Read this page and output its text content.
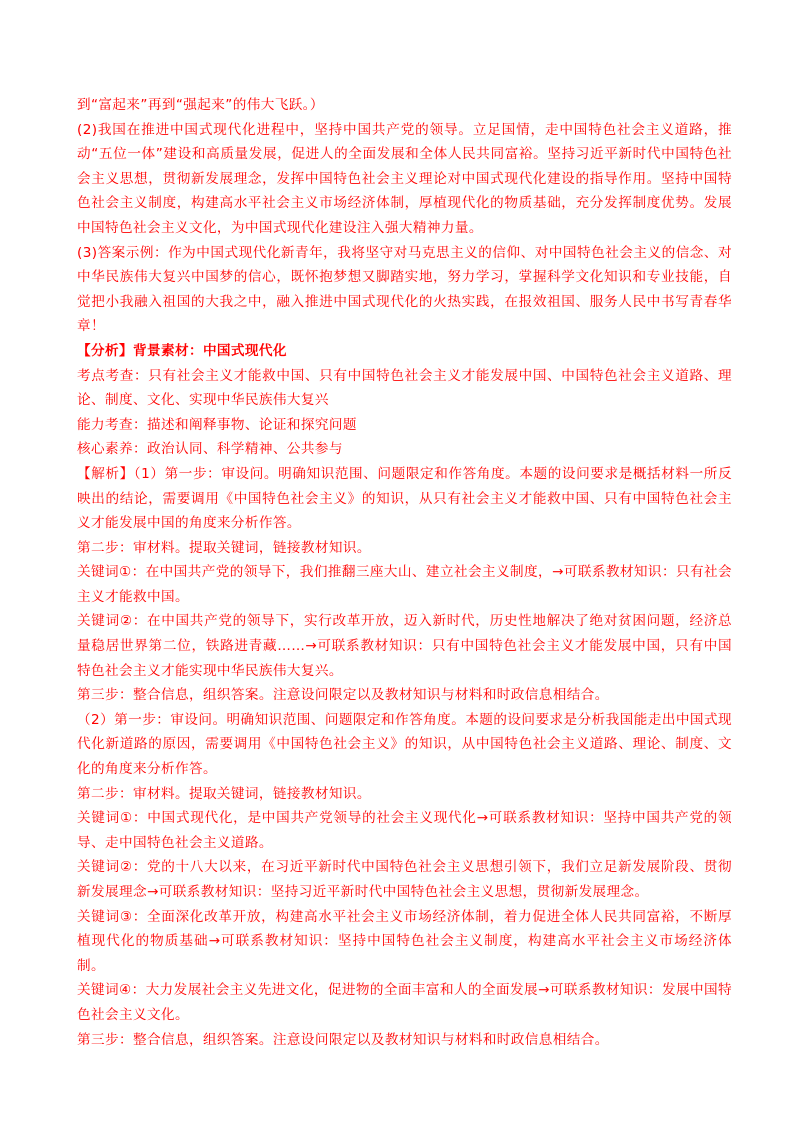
到“富起来”再到“强起来”的伟大飞跃。）

(2)我国在推进中国式现代化进程中，坚持中国共产党的领导。立足国情，走中国特色社会主义道路，推动“五位一体”建设和高质量发展，促进人的全面发展和全体人民共同富裕。坚持习近平新时代中国特色社会主义思想，贯彻新发展理念，发挥中国特色社会主义理论对中国式现代化建设的指导作用。坚持中国特色社会主义制度，构建高水平社会主义市场经济体制，厚植现代化的物质基础，充分发挥制度优势。发展中国特色社会主义文化，为中国式现代化建设注入强大精神力量。

(3)答案示例：作为中国式现代化新青年，我将坚守对马克思主义的信仰、对中国特色社会主义的信念、对中华民族伟大复兴中国梦的信心，既怀抱梦想又脚踏实地，努力学习，掌握科学文化知识和专业技能，自觉把小我融入祖国的大我之中，融入推进中国式现代化的火热实践，在报效祖国、服务人民中书写青春华章！

【分析】背景素材：中国式现代化

考点考查：只有社会主义才能救中国、只有中国特色社会主义才能发展中国、中国特色社会主义道路、理论、制度、文化、实现中华民族伟大复兴

能力考查：描述和阐释事物、论证和探究问题

核心素养：政治认同、科学精神、公共参与

【解析】（1）第一步：审设问。明确知识范围、问题限定和作答角度。本题的设问要求是概括材料一所反映出的结论，需要调用《中国特色社会主义》的知识，从只有社会主义才能救中国、只有中国特色社会主义才能发展中国的角度来分析作答。

第二步：审材料。提取关键词，链接教材知识。

关键词①：在中国共产党的领导下，我们推翻三座大山、建立社会主义制度，→可联系教材知识：只有社会主义才能救中国。

关键词②：在中国共产党的领导下，实行改革开放，迈入新时代，历史性地解决了绝对贫困问题，经济总量稳居世界第二位，铁路进青藏……→可联系教材知识：只有中国特色社会主义才能发展中国，只有中国特色社会主义才能实现中华民族伟大复兴。

第三步：整合信息，组织答案。注意设问限定以及教材知识与材料和时政信息相结合。

（2）第一步：审设问。明确知识范围、问题限定和作答角度。本题的设问要求是分析我国能走出中国式现代化新道路的原因，需要调用《中国特色社会主义》的知识，从中国特色社会主义道路、理论、制度、文化的角度来分析作答。

第二步：审材料。提取关键词，链接教材知识。

关键词①：中国式现代化，是中国共产党领导的社会主义现代化→可联系教材知识：坚持中国共产党的领导、走中国特色社会主义道路。

关键词②：党的十八大以来，在习近平新时代中国特色社会主义思想引领下，我们立足新发展阶段、贯彻新发展理念→可联系教材知识：坚持习近平新时代中国特色社会主义思想，贯彻新发展理念。

关键词③：全面深化改革开放，构建高水平社会主义市场经济体制，着力促进全体人民共同富裕，不断厚植现代化的物质基础→可联系教材知识：坚持中国特色社会主义制度，构建高水平社会主义市场经济体制。

关键词④：大力发展社会主义先进文化，促进物的全面丰富和人的全面发展→可联系教材知识：发展中国特色社会主义文化。

第三步：整合信息，组织答案。注意设问限定以及教材知识与材料和时政信息相结合。
